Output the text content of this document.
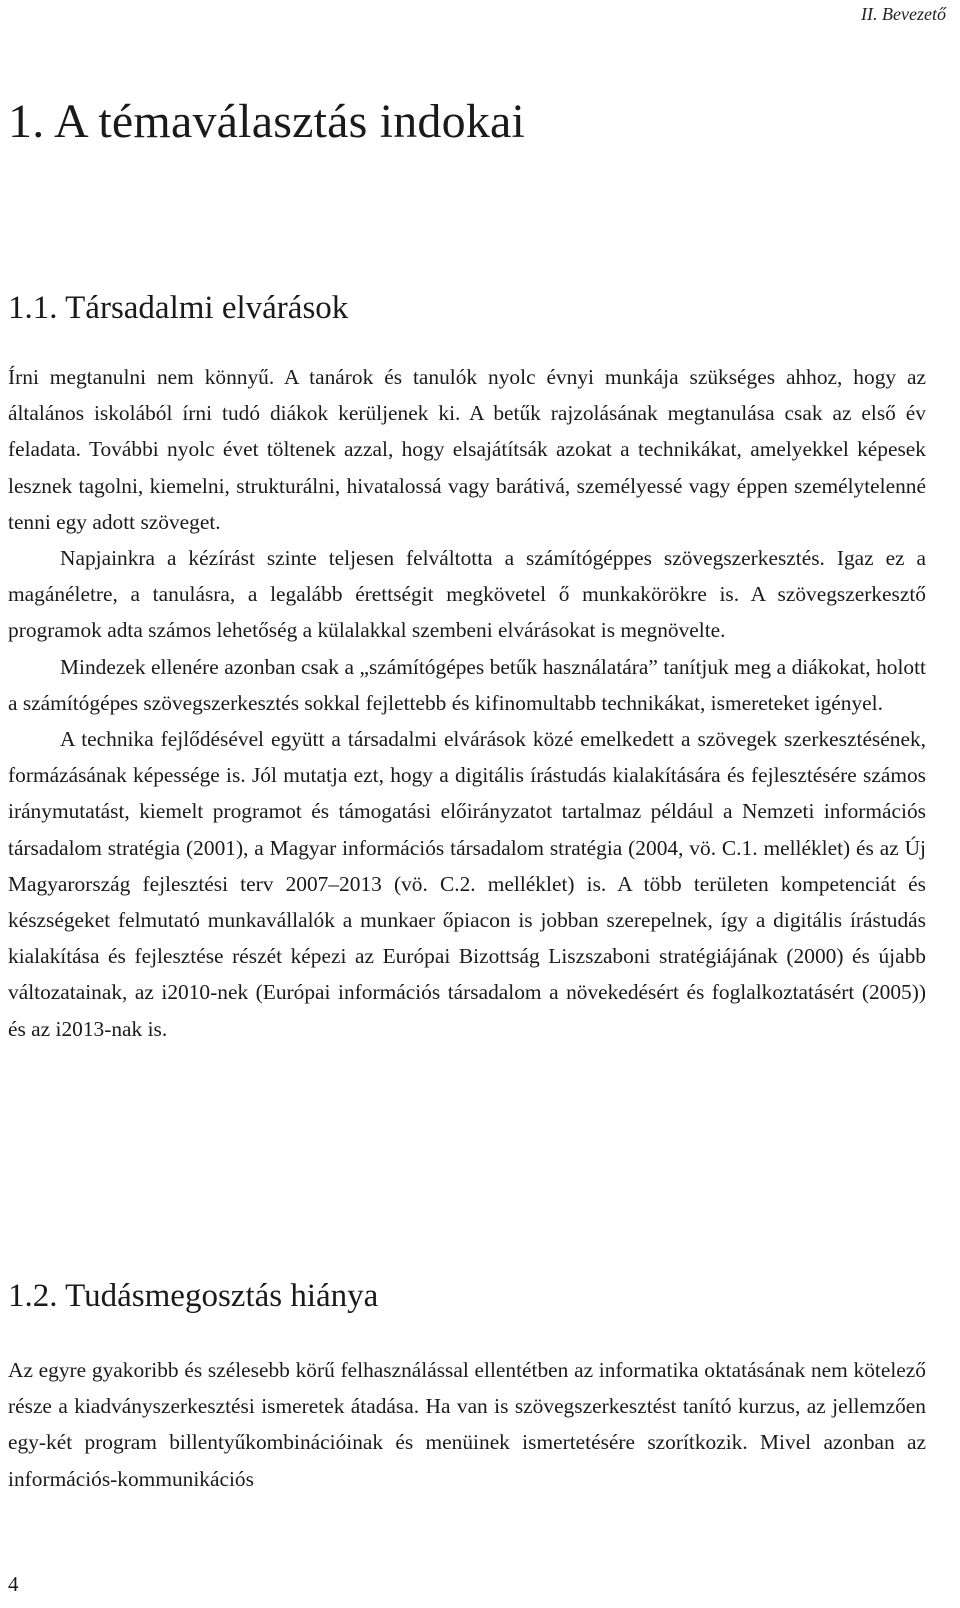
II. Bevezető
1. A témaválasztás indokai
1.1. Társadalmi elvárások

Írni megtanulni nem könnyű. A tanárok és tanulók nyolc évnyi munkája szükséges ahhoz, hogy az általános iskolából írni tudó diákok kerüljenek ki. A betűk rajzolásának megtanulása csak az első év feladata. További nyolc évet töltenek azzal, hogy elsajátítsák azokat a technikákat, amelyekkel képesek lesznek tagolni, kiemelni, strukturálni, hivatalossá vagy barátivá, személyessé vagy éppen személytelenné tenni egy adott szöveget.

Napjainkra a kézírást szinte teljesen felváltotta a számítógéppes szövegszerkesztés. Igaz ez a magánéletre, a tanulásra, a legalább érettségit megkövetel ő munkakörökre is. A szövegszerkesztő programok adta számos lehetőség a külalakkal szembeni elvárásokat is megnövelte.

Mindezek ellenére azonban csak a „számítógépes betűk használatára” tanítjuk meg a diákokat, holott a számítógépes szövegszerkesztés sokkal fejlettebb és kifinomultabb technikákat, ismereteket igényel.

A technika fejlődésével együtt a társadalmi elvárások közé emelkedett a szövegek szerkesztésének, formázásának képessége is. Jól mutatja ezt, hogy a digitális írástudás kialakítására és fejlesztésére számos iránymutatást, kiemelt programot és támogatási előirányzatot tartalmaz például a Nemzeti információs társadalom stratégia (2001), a Magyar információs társadalom stratégia (2004, vö. C.1. melléklet) és az Új Magyarország fejlesztési terv 2007–2013 (vö. C.2. melléklet) is. A több területen kompetenciát és készségeket felmutató munkavállalók a munkaer őpiacon is jobban szerepelnek, így a digitális írástudás kialakítása és fejlesztése részét képezi az Európai Bizottság Liszszaboni stratégiájának (2000) és újabb változatainak, az i2010-nek (Európai információs társadalom a növekedésért és foglalkoztatásért (2005)) és az i2013-nak is.

1.2. Tudásmegosztás hiánya

Az egyre gyakoribb és szélesebb körű felhasználással ellentétben az informatika oktatásának nem kötelező része a kiadványszerkesztési ismeretek átadása. Ha van is szövegszerkesztést tanító kurzus, az jellemzően egy-két program billentyűkombinációinak és menüinek ismertetésére szorítkozik. Mivel azonban az információs-kommunikációs

4
